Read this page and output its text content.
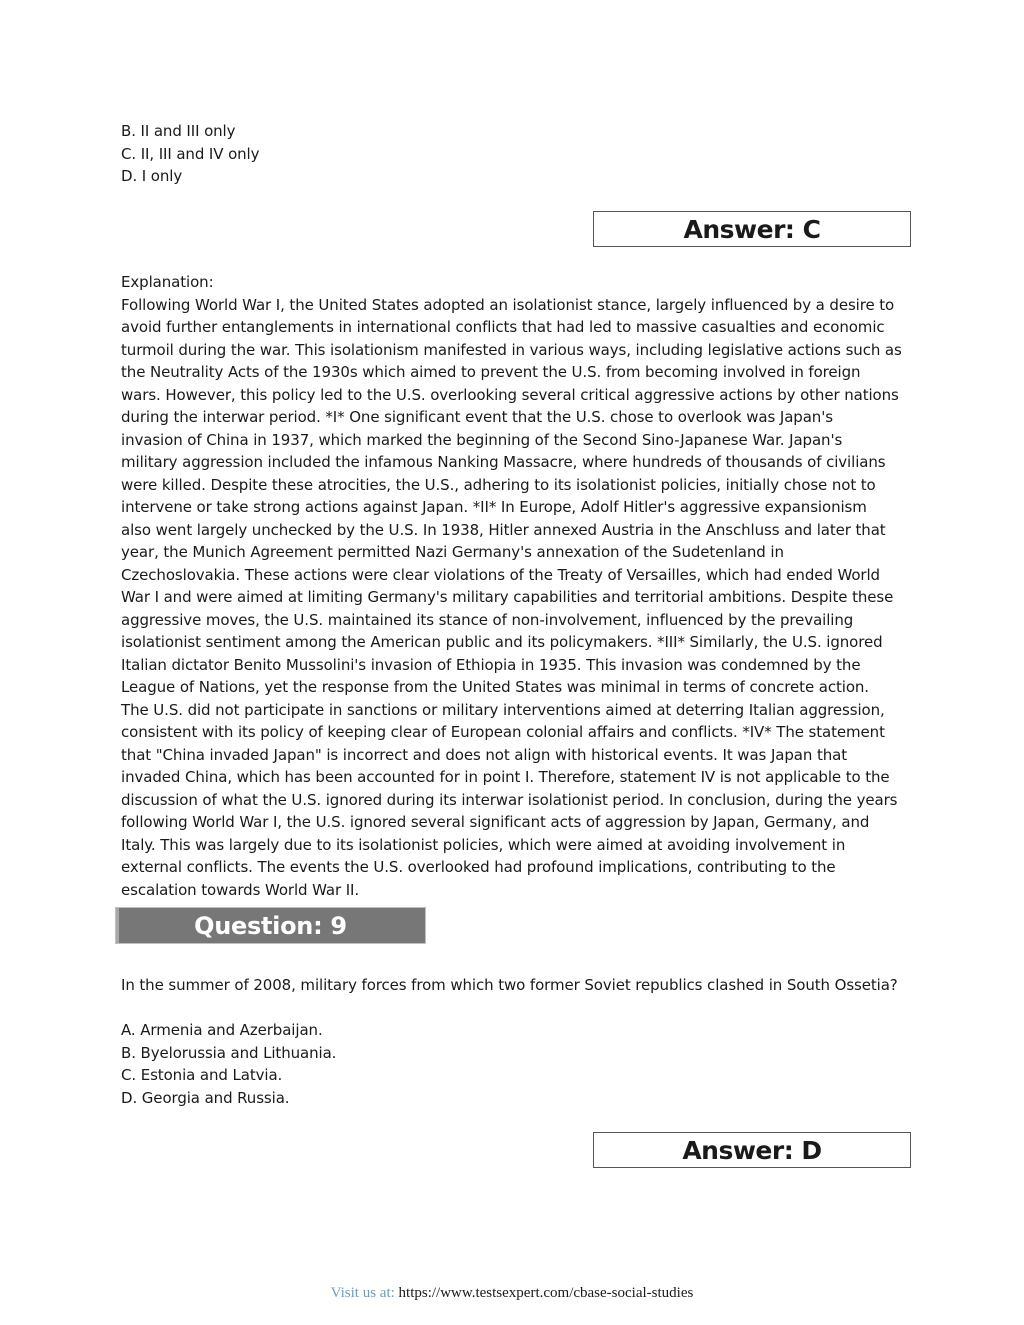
B. II and III only
C. II, III and IV only
D. I only
Answer: C
Explanation:
Following World War I, the United States adopted an isolationist stance, largely influenced by a desire to
avoid further entanglements in international conflicts that had led to massive casualties and economic
turmoil during the war. This isolationism manifested in various ways, including legislative actions such as
the Neutrality Acts of the 1930s which aimed to prevent the U.S. from becoming involved in foreign
wars. However, this policy led to the U.S. overlooking several critical aggressive actions by other nations
during the interwar period. *I* One significant event that the U.S. chose to overlook was Japan's
invasion of China in 1937, which marked the beginning of the Second Sino-Japanese War. Japan's
military aggression included the infamous Nanking Massacre, where hundreds of thousands of civilians
were killed. Despite these atrocities, the U.S., adhering to its isolationist policies, initially chose not to
intervene or take strong actions against Japan. *II* In Europe, Adolf Hitler's aggressive expansionism
also went largely unchecked by the U.S. In 1938, Hitler annexed Austria in the Anschluss and later that
year, the Munich Agreement permitted Nazi Germany's annexation of the Sudetenland in
Czechoslovakia. These actions were clear violations of the Treaty of Versailles, which had ended World
War I and were aimed at limiting Germany's military capabilities and territorial ambitions. Despite these
aggressive moves, the U.S. maintained its stance of non-involvement, influenced by the prevailing
isolationist sentiment among the American public and its policymakers. *III* Similarly, the U.S. ignored
Italian dictator Benito Mussolini's invasion of Ethiopia in 1935. This invasion was condemned by the
League of Nations, yet the response from the United States was minimal in terms of concrete action.
The U.S. did not participate in sanctions or military interventions aimed at deterring Italian aggression,
consistent with its policy of keeping clear of European colonial affairs and conflicts. *IV* The statement
that "China invaded Japan" is incorrect and does not align with historical events. It was Japan that
invaded China, which has been accounted for in point I. Therefore, statement IV is not applicable to the
discussion of what the U.S. ignored during its interwar isolationist period. In conclusion, during the years
following World War I, the U.S. ignored several significant acts of aggression by Japan, Germany, and
Italy. This was largely due to its isolationist policies, which were aimed at avoiding involvement in
external conflicts. The events the U.S. overlooked had profound implications, contributing to the
escalation towards World War II.
Question: 9
In the summer of 2008, military forces from which two former Soviet republics clashed in South Ossetia?
A. Armenia and Azerbaijan.
B. Byelorussia and Lithuania.
C. Estonia and Latvia.
D. Georgia and Russia.
Answer: D
Visit us at: https://www.testsexpert.com/cbase-social-studies
